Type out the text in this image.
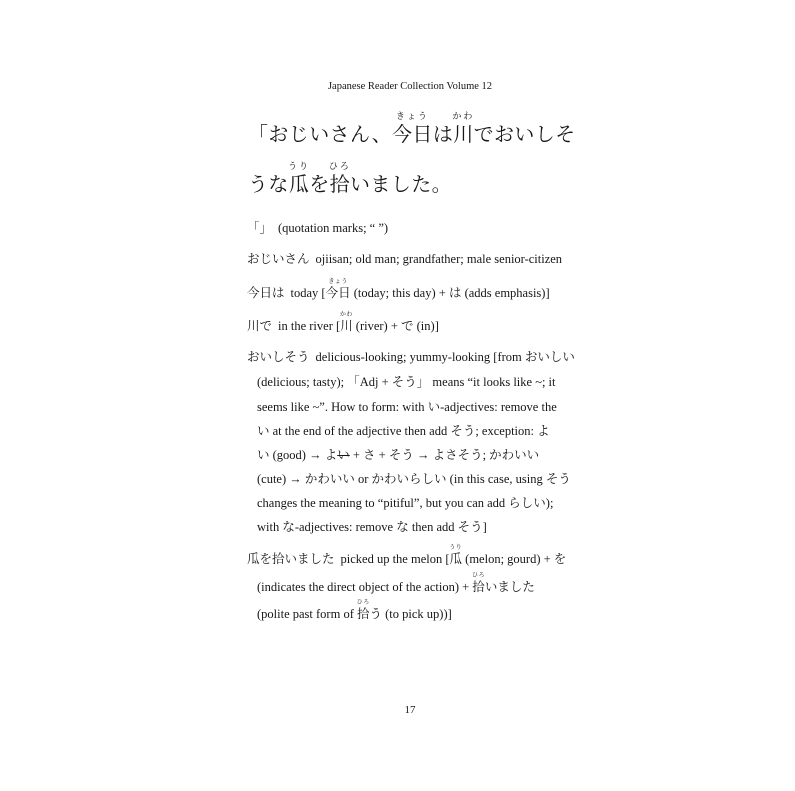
Japanese Reader Collection Volume 12
「おじいさん、
きょう
今日は
かわ
川でおいしそ
うな
うり
瓜を
ひろ
拾いました。
「」 (quotation marks; “ ”)
おじいさん ojiisan; old man; grandfather; male senior-citizen
今日は today [
きょう
今日 (today; this day) + は (adds emphasis)]
川で in the river [
かわ
川 (river) + で (in)]
おいしそう delicious-looking; yummy-looking [from おいしい
(delicious; tasty); 「Adj + そう」 means “it looks like ~; it
seems like ~”. How to form: with い-adjectives: remove the
い at the end of the adjective then add そう; exception: よ
い (good) → よい + さ + そう → よさそう; かわいい
(cute) → かわいい or かわいらしい (in this case, using そう
changes the meaning to “pitiful”, but you can add らしい);
with な-adjectives: remove な then add そう]
瓜を拾いました picked up the melon [
うり
瓜 (melon; gourd) + を
(indicates the direct object of the action) +
ひろ
拾いました
(polite past form of
ひろ
拾う (to pick up))]
17
